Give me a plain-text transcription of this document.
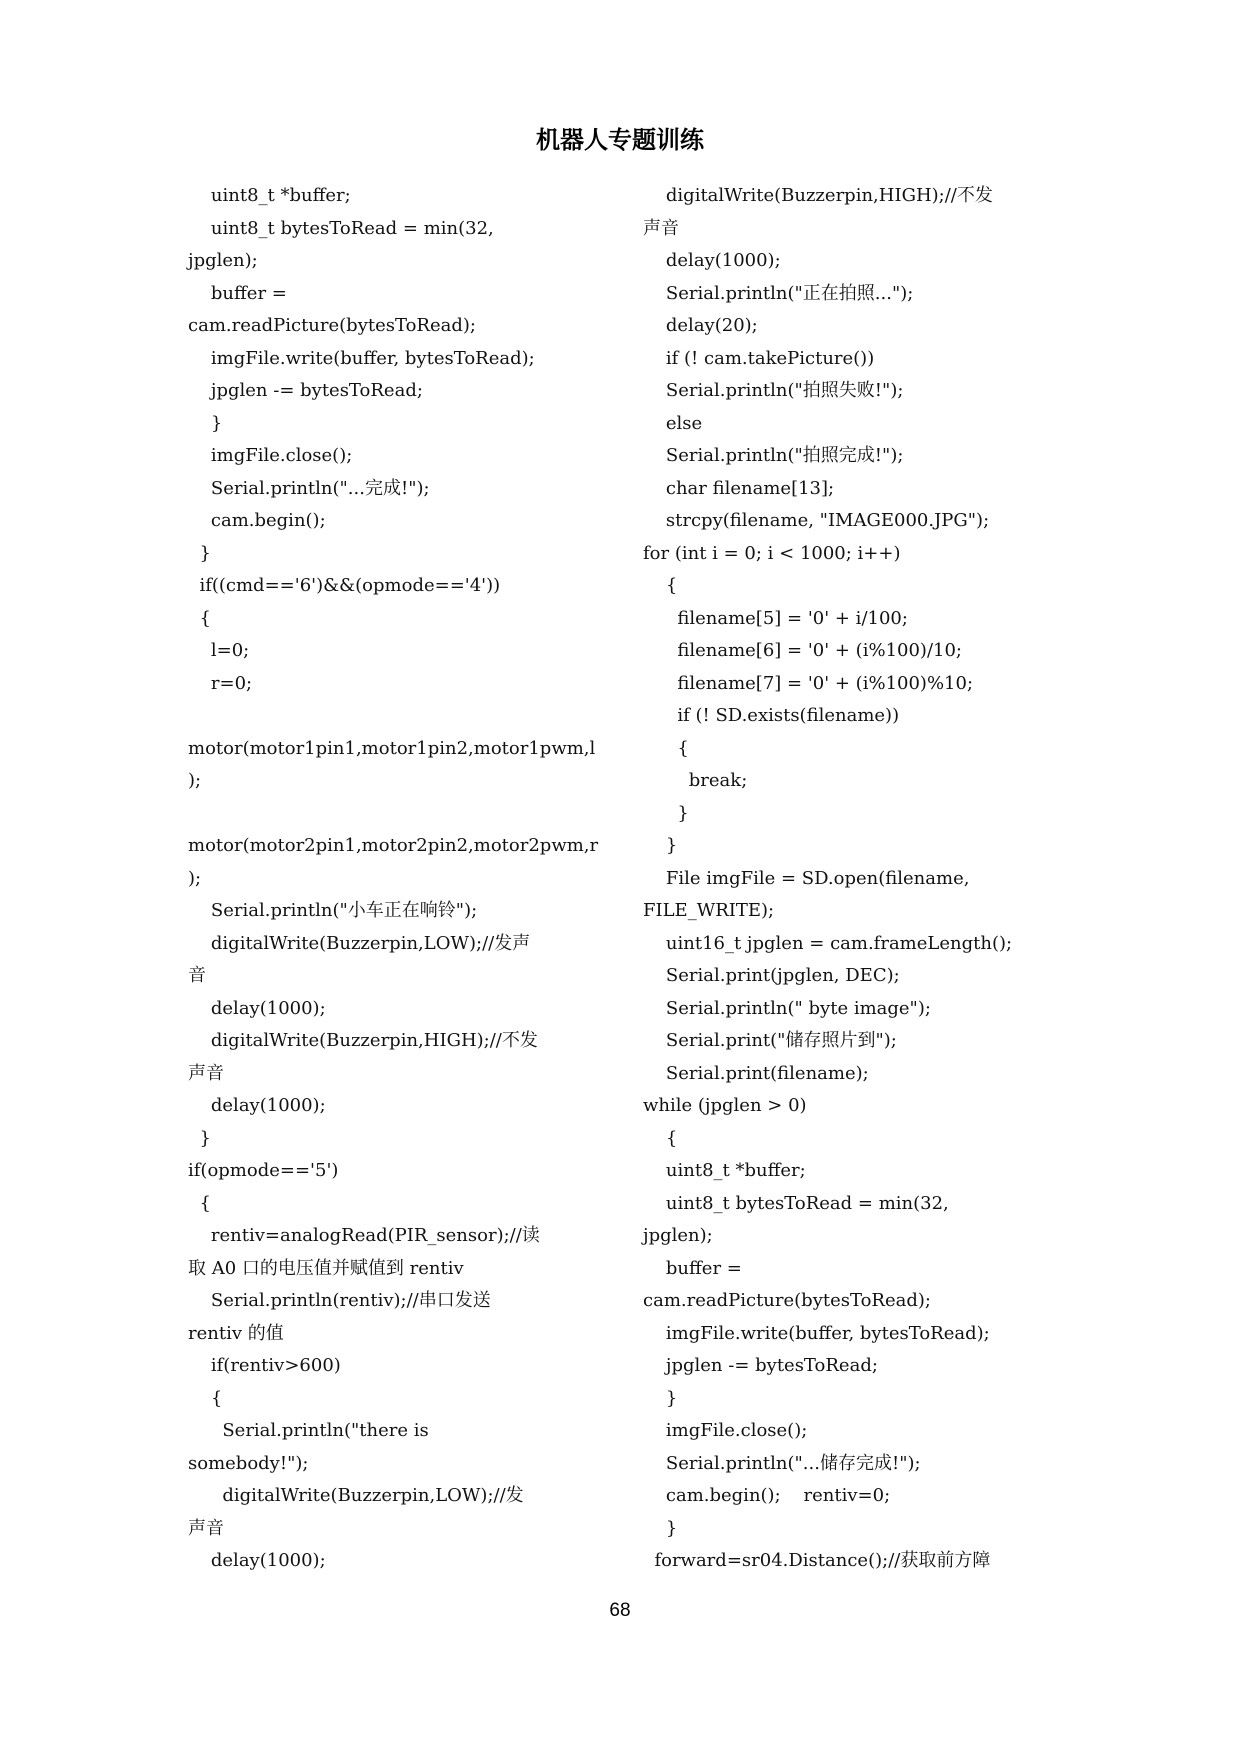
机器人专题训练
uint8_t *buffer;
uint8_t bytesToRead = min(32,
jpglen);
buffer =
cam.readPicture(bytesToRead);
imgFile.write(buffer, bytesToRead);
jpglen -= bytesToRead;
}
imgFile.close();
Serial.println("...完成!");
cam.begin();
}
if((cmd=='6')&&(opmode=='4'))
{
l=0;
r=0;

motor(motor1pin1,motor1pin2,motor1pwm,l
);

motor(motor2pin1,motor2pin2,motor2pwm,r
);
Serial.println("小车正在响铃");
digitalWrite(Buzzerpin,LOW);//发声
音
delay(1000);
digitalWrite(Buzzerpin,HIGH);//不发
声音
delay(1000);
}
if(opmode=='5')
{
rentiv=analogRead(PIR_sensor);//读
取 A0 口的电压值并赋值到 rentiv
Serial.println(rentiv);//串口发送
rentiv 的值
if(rentiv>600)
{
Serial.println("there is
somebody!");
digitalWrite(Buzzerpin,LOW);//发
声音
delay(1000);
digitalWrite(Buzzerpin,HIGH);//不发
声音
delay(1000);
Serial.println("正在拍照...");
delay(20);
if (! cam.takePicture())
Serial.println("拍照失败!");
else
Serial.println("拍照完成!");
char filename[13];
strcpy(filename, "IMAGE000.JPG");
for (int i = 0; i < 1000; i++)
{
filename[5] = '0' + i/100;
filename[6] = '0' + (i%100)/10;
filename[7] = '0' + (i%100)%10;
if (! SD.exists(filename))
{
break;
}
}
File imgFile = SD.open(filename,
FILE_WRITE);
uint16_t jpglen = cam.frameLength();
Serial.print(jpglen, DEC);
Serial.println(" byte image");
Serial.print("储存照片到");
Serial.print(filename);
while (jpglen > 0)
{
uint8_t *buffer;
uint8_t bytesToRead = min(32,
jpglen);
buffer =
cam.readPicture(bytesToRead);
imgFile.write(buffer, bytesToRead);
jpglen -= bytesToRead;
}
imgFile.close();
Serial.println("...储存完成!");
cam.begin();    rentiv=0;
}
forward=sr04.Distance();//获取前方障
68
